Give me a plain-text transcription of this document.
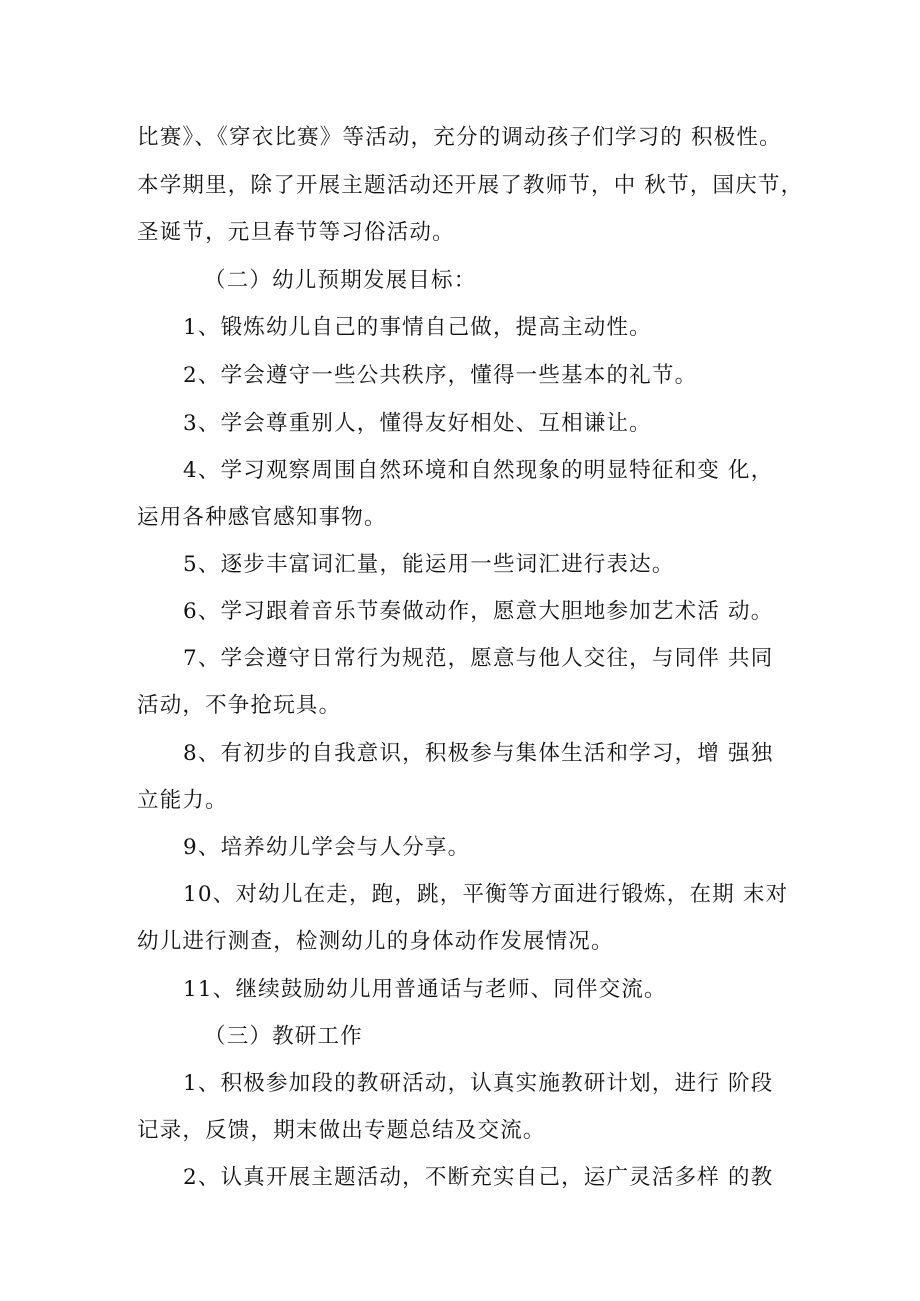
比赛》、《穿衣比赛》等活动，充分的调动孩子们学习的 积极性。
本学期里，除了开展主题活动还开展了教师节，中 秋节，国庆节，
圣诞节，元旦春节等习俗活动。
（二）幼儿预期发展目标：
1、锻炼幼儿自己的事情自己做，提高主动性。
2、学会遵守一些公共秩序，懂得一些基本的礼节。
3、学会尊重别人，懂得友好相处、互相谦让。
4、学习观察周围自然环境和自然现象的明显特征和变 化，
运用各种感官感知事物。
5、逐步丰富词汇量，能运用一些词汇进行表达。
6、学习跟着音乐节奏做动作，愿意大胆地参加艺术活 动。
7、学会遵守日常行为规范，愿意与他人交往，与同伴 共同
活动，不争抢玩具。
8、有初步的自我意识，积极参与集体生活和学习，增 强独
立能力。
9、培养幼儿学会与人分享。
10、对幼儿在走，跑，跳，平衡等方面进行锻炼，在期 末对
幼儿进行测查，检测幼儿的身体动作发展情况。
11、继续鼓励幼儿用普通话与老师、同伴交流。
（三）教研工作
1、积极参加段的教研活动，认真实施教研计划，进行 阶段
记录，反馈，期末做出专题总结及交流。
2、认真开展主题活动，不断充实自己，运广灵活多样 的教
